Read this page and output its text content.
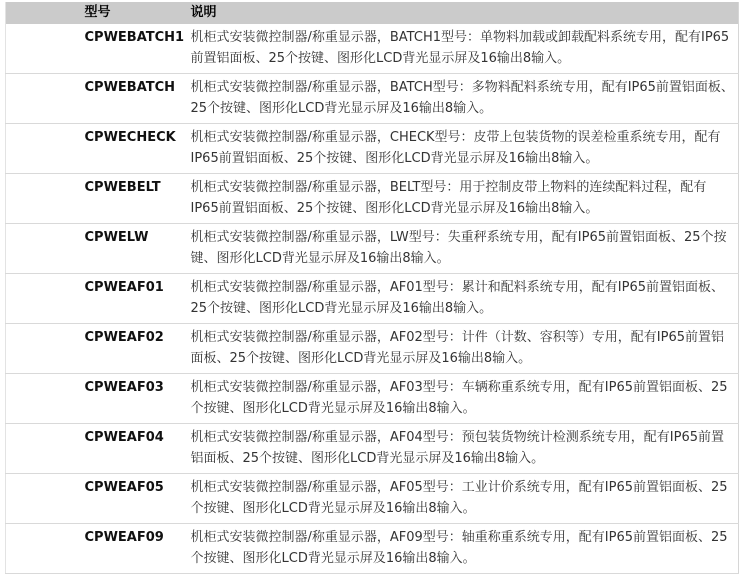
	型号	说明
	CPWEBATCH1	机柜式安装微控制器/称重显示器，BATCH1型号：单物料加载或卸载配料系统专用，配有IP65前置铝面板、25个按键、图形化LCD背光显示屏及16输出8输入。
	CPWEBATCH	机柜式安装微控制器/称重显示器，BATCH型号：多物料配料系统专用，配有IP65前置铝面板、25个按键、图形化LCD背光显示屏及16输出8输入。
	CPWECHECK	机柜式安装微控制器/称重显示器，CHECK型号：皮带上包装货物的误差检重系统专用，配有IP65前置铝面板、25个按键、图形化LCD背光显示屏及16输出8输入。
	CPWEBELT	机柜式安装微控制器/称重显示器，BELT型号：用于控制皮带上物料的连续配料过程，配有IP65前置铝面板、25个按键、图形化LCD背光显示屏及16输出8输入。
	CPWELW	机柜式安装微控制器/称重显示器，LW型号：失重秤系统专用，配有IP65前置铝面板、25个按键、图形化LCD背光显示屏及16输出8输入。
	CPWEAF01	机柜式安装微控制器/称重显示器，AF01型号：累计和配料系统专用，配有IP65前置铝面板、25个按键、图形化LCD背光显示屏及16输出8输入。
	CPWEAF02	机柜式安装微控制器/称重显示器，AF02型号：计件（计数、容积等）专用，配有IP65前置铝面板、25个按键、图形化LCD背光显示屏及16输出8输入。
	CPWEAF03	机柜式安装微控制器/称重显示器，AF03型号：车辆称重系统专用，配有IP65前置铝面板、25个按键、图形化LCD背光显示屏及16输出8输入。
	CPWEAF04	机柜式安装微控制器/称重显示器，AF04型号：预包装货物统计检测系统专用，配有IP65前置铝面板、25个按键、图形化LCD背光显示屏及16输出8输入。
	CPWEAF05	机柜式安装微控制器/称重显示器，AF05型号：工业计价系统专用，配有IP65前置铝面板、25个按键、图形化LCD背光显示屏及16输出8输入。
	CPWEAF09	机柜式安装微控制器/称重显示器，AF09型号：轴重称重系统专用，配有IP65前置铝面板、25个按键、图形化LCD背光显示屏及16输出8输入。
